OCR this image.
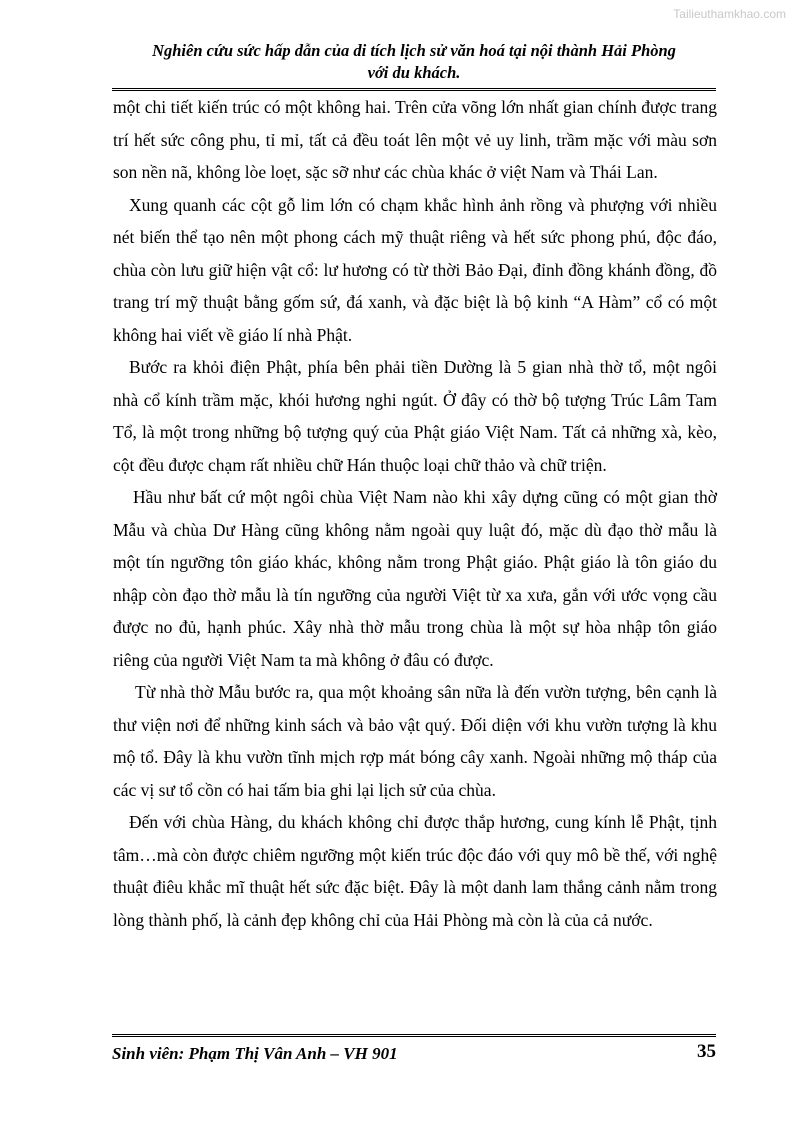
Tailieuthamkhao.com
Nghiên cứu sức hấp dẫn của di tích lịch sử văn hoá tại nội thành Hải Phòng
với du khách.

một chi tiết kiến trúc có một không hai. Trên cửa võng lớn nhất gian chính được trang trí hết sức công phu, tỉ mỉ, tất cả đều toát lên một vẻ uy linh, trầm mặc với màu sơn son nền nã, không lòe loẹt, sặc sỡ như các chùa khác ở việt Nam và Thái Lan.

Xung quanh các cột gỗ lim lớn có chạm khắc hình ảnh rồng và phượng với nhiều nét biến thể tạo nên một phong cách mỹ thuật riêng và hết sức phong phú, độc đáo, chùa còn lưu giữ hiện vật cổ: lư hương có từ thời Bảo Đại, đỉnh đồng khánh đồng, đồ trang trí mỹ thuật bằng gốm sứ, đá xanh, và đặc biệt là bộ kinh “A Hàm” cổ có một không hai viết về giáo lí nhà Phật.

Bước ra khỏi điện Phật, phía bên phải tiền Dường là 5 gian nhà thờ tổ, một ngôi nhà cổ kính trầm mặc, khói hương nghi ngút. Ở đây có thờ bộ tượng Trúc Lâm Tam Tổ, là một trong những bộ tượng quý của Phật giáo Việt Nam. Tất cả những xà, kèo, cột đều được chạm rất nhiều chữ Hán thuộc loại chữ thảo và chữ triện.

Hầu như bất cứ một ngôi chùa Việt Nam nào khi xây dựng cũng có một gian thờ Mẫu và chùa Dư Hàng cũng không nằm ngoài quy luật đó, mặc dù đạo thờ mẫu là một tín ngưỡng tôn giáo khác, không nằm trong Phật giáo. Phật giáo là tôn giáo du nhập còn đạo thờ mẫu là tín ngưỡng của người Việt từ xa xưa, gắn với ước vọng cầu được no đủ, hạnh phúc. Xây nhà thờ mẫu trong chùa là một sự hòa nhập tôn giáo riêng của người Việt Nam ta mà không ở đâu có được.

Từ nhà thờ Mẫu bước ra, qua một khoảng sân nữa là đến vườn tượng, bên cạnh là thư viện nơi để những kinh sách và bảo vật quý. Đối diện với khu vườn tượng là khu mộ tổ. Đây là khu vườn tĩnh mịch rợp mát bóng cây xanh. Ngoài những mộ tháp của các vị sư tổ cồn có hai tấm bia ghi lại lịch sử của chùa.

Đến với chùa Hàng, du khách không chỉ được thắp hương, cung kính lễ Phật, tịnh tâm…mà còn được chiêm ngưỡng một kiến trúc độc đáo với quy mô bề thế, với nghệ thuật điêu khắc mĩ thuật hết sức đặc biệt. Đây là một danh lam thắng cảnh nằm trong lòng thành phố, là cảnh đẹp không chỉ của Hải Phòng mà còn là của cả nước.

Sinh viên: Phạm Thị Vân Anh – VH 901	35
